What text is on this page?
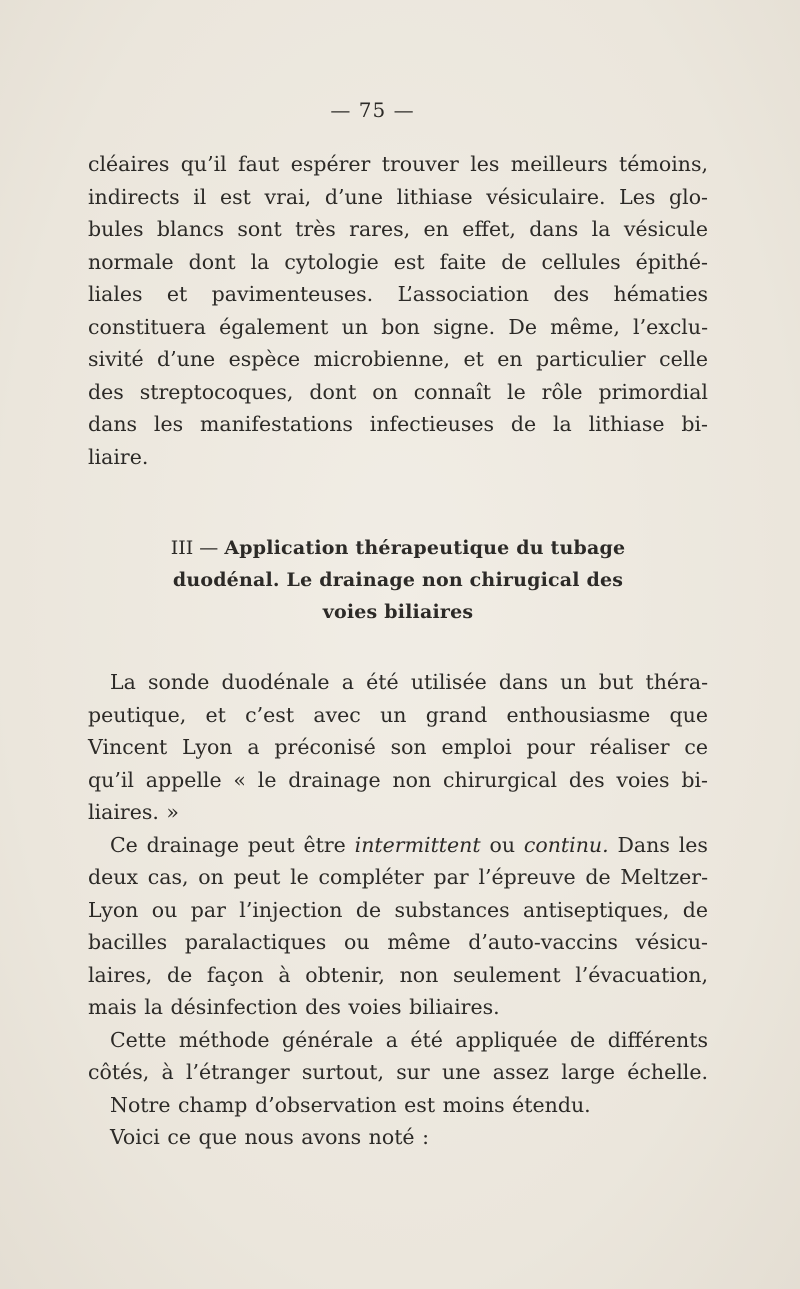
— 75 —
cléaires qu’il faut espérer trouver les meilleurs témoins,
indirects il est vrai, d’une lithiase vésiculaire. Les glo-
bules blancs sont très rares, en effet, dans la vésicule
normale dont la cytologie est faite de cellules épithé-
liales et pavimenteuses. L’association des hématies
constituera également un bon signe. De même, l’exclu-
sivité d’une espèce microbienne, et en particulier celle
des streptocoques, dont on connaît le rôle primordial
dans les manifestations infectieuses de la lithiase bi-
liaire.
III — Application thérapeutique du tubage
duodénal. Le drainage non chirugical des
voies biliaires
La sonde duodénale a été utilisée dans un but théra-
peutique, et c’est avec un grand enthousiasme que
Vincent Lyon a préconisé son emploi pour réaliser ce
qu’il appelle « le drainage non chirurgical des voies bi-
liaires. »
Ce drainage peut être intermittent ou continu. Dans les
deux cas, on peut le compléter par l’épreuve de Meltzer-
Lyon ou par l’injection de substances antiseptiques, de
bacilles paralactiques ou même d’auto-vaccins vésicu-
laires, de façon à obtenir, non seulement l’évacuation,
mais la désinfection des voies biliaires.
Cette méthode générale a été appliquée de différents
côtés, à l’étranger surtout, sur une assez large échelle.
Notre champ d’observation est moins étendu.
Voici ce que nous avons noté :
